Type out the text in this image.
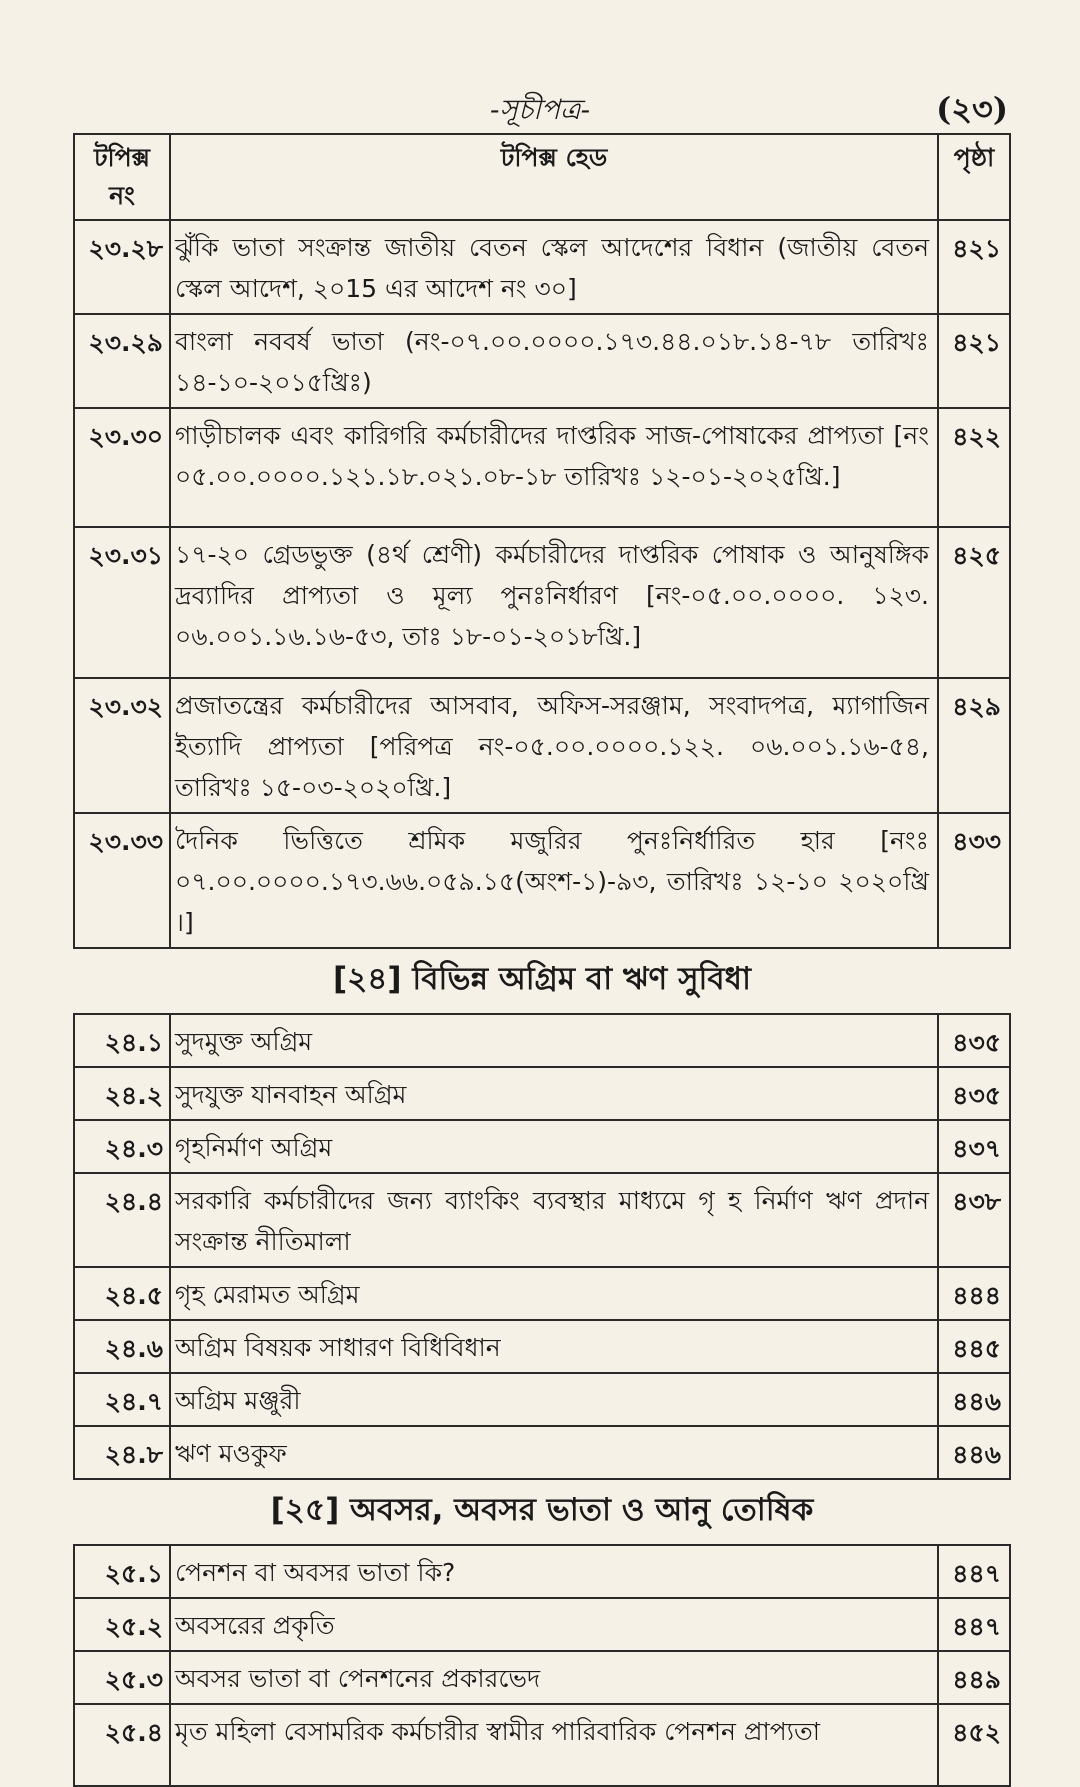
-সূচীপত্র-	(২৩)
টপিক্স নং	টপিক্স হেড	পৃষ্ঠা
২৩.২৮	ঝুঁকি ভাতা সংক্রান্ত জাতীয় বেতন স্কেল আদেশের বিধান (জাতীয় বেতন স্কেল আদেশ, ২০15 এর আদেশ নং ৩০]	৪২১
২৩.২৯	বাংলা নববর্ষ ভাতা (নং-০৭.০০.০০০০.১৭৩.৪৪.০১৮.১৪-৭৮ তারিখঃ ১৪-১০-২০১৫খ্রিঃ)	৪২১
২৩.৩০	গাড়ীচালক এবং কারিগরি কর্মচারীদের দাপ্তরিক সাজ-পোষাকের প্রাপ্যতা [নং ০৫.০০.০০০০.১২১.১৮.০২১.০৮-১৮ তারিখঃ ১২-০১-২০২৫খ্রি.]	৪২২
২৩.৩১	১৭-২০ গ্রেডভুক্ত (৪র্থ শ্রেণী) কর্মচারীদের দাপ্তরিক পোষাক ও আনুষঙ্গিক দ্রব্যাদির প্রাপ্যতা ও মূল্য পুনঃনির্ধারণ [নং-০৫.০০.০০০০. ১২৩. ০৬.০০১.১৬.১৬-৫৩, তাঃ ১৮-০১-২০১৮খ্রি.]	৪২৫
২৩.৩২	প্রজাতন্ত্রের কর্মচারীদের আসবাব, অফিস-সরঞ্জাম, সংবাদপত্র, ম্যাগাজিন ইত্যাদি প্রাপ্যতা [পরিপত্র নং-০৫.০০.০০০০.১২২. ০৬.০০১.১৬-৫৪, তারিখঃ ১৫-০৩-২০২০খ্রি.]	৪২৯
২৩.৩৩	দৈনিক ভিত্তিতে শ্রমিক মজুরির পুনঃনির্ধারিত হার [নংঃ ০৭.০০.০০০০.১৭৩.৬৬.০৫৯.১৫(অংশ-১)-৯৩, তারিখঃ ১২-১০ ২০২০খ্রি ।]	৪৩৩
[২৪] বিভিন্ন অগ্রিম বা ঋণ সুবিধা		
২৪.১	সুদমুক্ত অগ্রিম	৪৩৫
২৪.২	সুদযুক্ত যানবাহন অগ্রিম	৪৩৫
২৪.৩	গৃহনির্মাণ অগ্রিম	৪৩৭
২৪.৪	সরকারি কর্মচারীদের জন্য ব্যাংকিং ব্যবস্থার মাধ্যমে গৃ হ নির্মাণ ঋণ প্রদান সংক্রান্ত নীতিমালা	৪৩৮
২৪.৫	গৃহ মেরামত অগ্রিম	৪৪৪
২৪.৬	অগ্রিম বিষয়ক সাধারণ বিধিবিধান	৪৪৫
২৪.৭	অগ্রিম মঞ্জুরী	৪৪৬
২৪.৮	ঋণ মওকুফ	৪৪৬
[২৫] অবসর, অবসর ভাতা ও আনু তোষিক		
২৫.১	পেনশন বা অবসর ভাতা কি?	৪৪৭
২৫.২	অবসরের প্রকৃতি	৪৪৭
২৫.৩	অবসর ভাতা বা পেনশনের প্রকারভেদ	৪৪৯
২৫.৪	মৃত মহিলা বেসামরিক কর্মচারীর স্বামীর পারিবারিক পেনশন প্রাপ্যতা	৪৫২
